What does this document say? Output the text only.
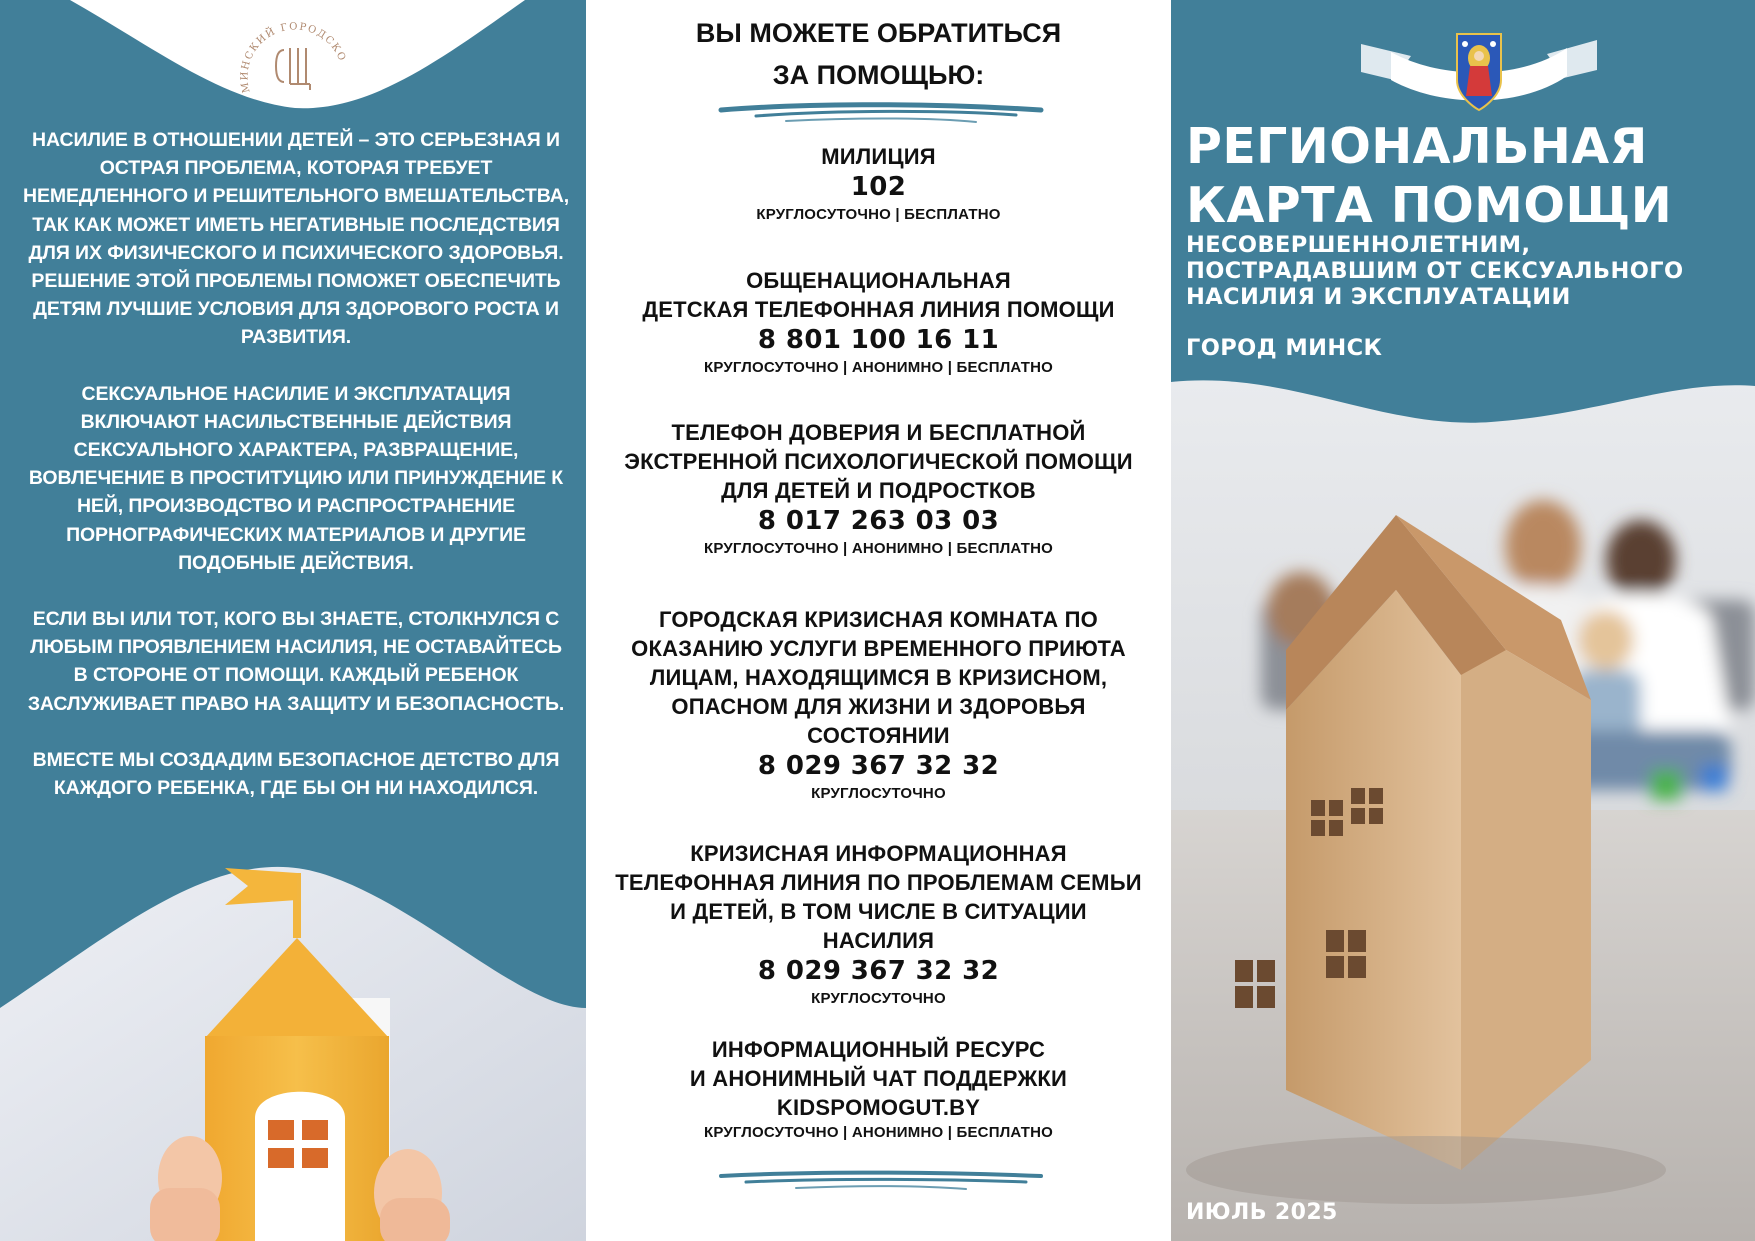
МИНСКИЙ ГОРОДСКО

НАСИЛИЕ В ОТНОШЕНИИ ДЕТЕЙ – ЭТО СЕРЬЕЗНАЯ И ОСТРАЯ ПРОБЛЕМА, КОТОРАЯ ТРЕБУЕТ НЕМЕДЛЕННОГО И РЕШИТЕЛЬНОГО ВМЕШАТЕЛЬСТВА, ТАК КАК МОЖЕТ ИМЕТЬ НЕГАТИВНЫЕ ПОСЛЕДСТВИЯ ДЛЯ ИХ ФИЗИЧЕСКОГО И ПСИХИЧЕСКОГО ЗДОРОВЬЯ. РЕШЕНИЕ ЭТОЙ ПРОБЛЕМЫ ПОМОЖЕТ ОБЕСПЕЧИТЬ ДЕТЯМ ЛУЧШИЕ УСЛОВИЯ ДЛЯ ЗДОРОВОГО РОСТА И РАЗВИТИЯ.

СЕКСУАЛЬНОЕ НАСИЛИЕ И ЭКСПЛУАТАЦИЯ ВКЛЮЧАЮТ НАСИЛЬСТВЕННЫЕ ДЕЙСТВИЯ СЕКСУАЛЬНОГО ХАРАКТЕРА, РАЗВРАЩЕНИЕ, ВОВЛЕЧЕНИЕ В ПРОСТИТУЦИЮ ИЛИ ПРИНУЖДЕНИЕ К НЕЙ, ПРОИЗВОДСТВО И РАСПРОСТРАНЕНИЕ ПОРНОГРАФИЧЕСКИХ МАТЕРИАЛОВ И ДРУГИЕ ПОДОБНЫЕ ДЕЙСТВИЯ.

ЕСЛИ ВЫ ИЛИ ТОТ, КОГО ВЫ ЗНАЕТЕ, СТОЛКНУЛСЯ С ЛЮБЫМ ПРОЯВЛЕНИЕМ НАСИЛИЯ, НЕ ОСТАВАЙТЕСЬ В СТОРОНЕ ОТ ПОМОЩИ. КАЖДЫЙ РЕБЕНОК ЗАСЛУЖИВАЕТ ПРАВО НА ЗАЩИТУ И БЕЗОПАСНОСТЬ.

ВМЕСТЕ МЫ СОЗДАДИМ БЕЗОПАСНОЕ ДЕТСТВО ДЛЯ КАЖДОГО РЕБЕНКА, ГДЕ БЫ ОН НИ НАХОДИЛСЯ.

ВЫ МОЖЕТЕ ОБРАТИТЬСЯ
ЗА ПОМОЩЬЮ:
МИЛИЦИЯ
102
КРУГЛОСУТОЧНО | БЕСПЛАТНО
ОБЩЕНАЦИОНАЛЬНАЯ
ДЕТСКАЯ ТЕЛЕФОННАЯ ЛИНИЯ ПОМОЩИ
8 801 100 16 11
КРУГЛОСУТОЧНО | АНОНИМНО | БЕСПЛАТНО
ТЕЛЕФОН ДОВЕРИЯ И БЕСПЛАТНОЙ
ЭКСТРЕННОЙ ПСИХОЛОГИЧЕСКОЙ ПОМОЩИ
ДЛЯ ДЕТЕЙ И ПОДРОСТКОВ
8 017 263 03 03
КРУГЛОСУТОЧНО | АНОНИМНО | БЕСПЛАТНО
ГОРОДСКАЯ КРИЗИСНАЯ КОМНАТА ПО
ОКАЗАНИЮ УСЛУГИ ВРЕМЕННОГО ПРИЮТА
ЛИЦАМ, НАХОДЯЩИМСЯ В КРИЗИСНОМ,
ОПАСНОМ ДЛЯ ЖИЗНИ И ЗДОРОВЬЯ
СОСТОЯНИИ
8 029 367 32 32
КРУГЛОСУТОЧНО
КРИЗИСНАЯ ИНФОРМАЦИОННАЯ
ТЕЛЕФОННАЯ ЛИНИЯ ПО ПРОБЛЕМАМ СЕМЬИ
И ДЕТЕЙ, В ТОМ ЧИСЛЕ В СИТУАЦИИ
НАСИЛИЯ
8 029 367 32 32
КРУГЛОСУТОЧНО
ИНФОРМАЦИОННЫЙ РЕСУРС
И АНОНИМНЫЙ ЧАТ ПОДДЕРЖКИ
KIDSPOMOGUT.BY
КРУГЛОСУТОЧНО | АНОНИМНО | БЕСПЛАТНО
РЕГИОНАЛЬНАЯ
КАРТА ПОМОЩИ
НЕСОВЕРШЕННОЛЕТНИМ,
ПОСТРАДАВШИМ ОТ СЕКСУАЛЬНОГО
НАСИЛИЯ И ЭКСПЛУАТАЦИИ
ГОРОД МИНСК
ИЮЛЬ 2025
